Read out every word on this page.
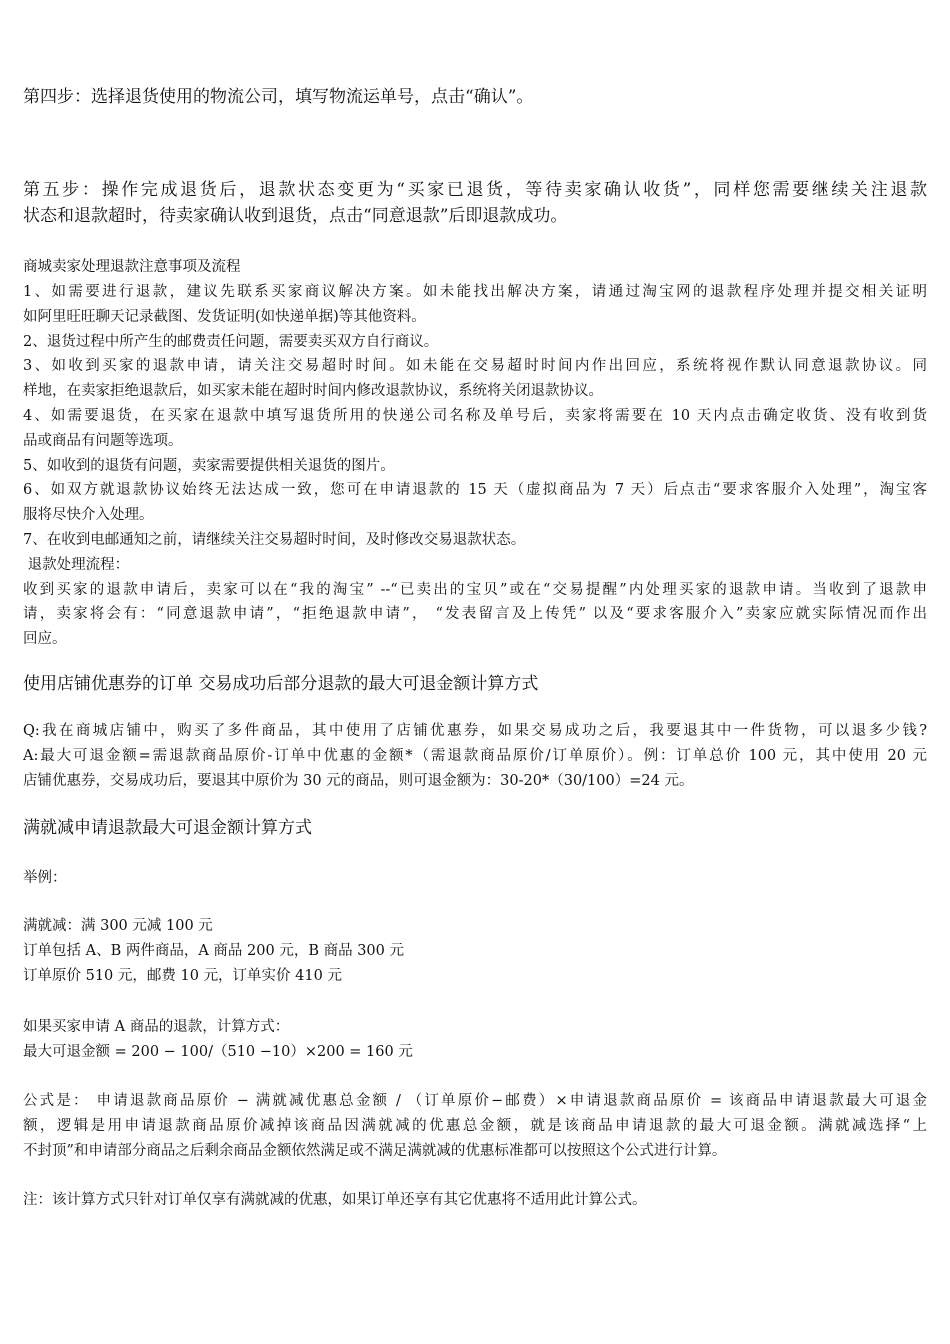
第四步：选择退货使用的物流公司，填写物流运单号，点击“确认”。

第五步：操作完成退货后，退款状态变更为“买家已退货，等待卖家确认收货”，同样您需要继续关注退款
状态和退款超时，待卖家确认收到退货，点击“同意退款”后即退款成功。

商城卖家处理退款注意事项及流程

1、如需要进行退款，建议先联系买家商议解决方案。如未能找出解决方案，请通过淘宝网的退款程序处理并提交相关证明
如阿里旺旺聊天记录截图、发货证明(如快递单据)等其他资料。
2、退货过程中所产生的邮费责任问题，需要卖买双方自行商议。
3、如收到买家的退款申请，请关注交易超时时间。如未能在交易超时时间内作出回应，系统将视作默认同意退款协议。同
样地，在卖家拒绝退款后，如买家未能在超时时间内修改退款协议，系统将关闭退款协议。
4、如需要退货，在买家在退款中填写退货所用的快递公司名称及单号后，卖家将需要在 10 天内点击确定收货、没有收到货
品或商品有问题等选项。
5、如收到的退货有问题，卖家需要提供相关退货的图片。
6、如双方就退款协议始终无法达成一致，您可在申请退款的 15 天（虚拟商品为 7 天）后点击“要求客服介入处理”，淘宝客
服将尽快介入处理。
7、在收到电邮通知之前，请继续关注交易超时时间，及时修改交易退款状态。
退款处理流程：
收到买家的退款申请后，卖家可以在“我的淘宝” --“已卖出的宝贝”或在“交易提醒”内处理买家的退款申请。当收到了退款申
请，卖家将会有：“同意退款申请”，“拒绝退款申请”， “发表留言及上传凭” 以及“要求客服介入”卖家应就实际情况而作出
回应。

使用店铺优惠券的订单 交易成功后部分退款的最大可退金额计算方式

Q:我在商城店铺中，购买了多件商品，其中使用了店铺优惠券，如果交易成功之后，我要退其中一件货物，可以退多少钱?
A:最大可退金额=需退款商品原价-订单中优惠的金额*（需退款商品原价/订单原价）。例：订单总价 100 元，其中使用 20 元
店铺优惠券，交易成功后，要退其中原价为 30 元的商品，则可退金额为：30-20*（30/100）=24 元。

满就减申请退款最大可退金额计算方式

举例：

满就减：满 300 元减 100 元
订单包括 A、B 两件商品，A 商品 200 元，B 商品 300 元
订单原价 510 元，邮费 10 元，订单实价 410 元
如果买家申请 A 商品的退款，计算方式：
最大可退金额 = 200 − 100/（510 −10）×200 = 160 元
公式是： 申请退款商品原价 − 满就减优惠总金额 / （订单原价−邮费）×申请退款商品原价 = 该商品申请退款最大可退金
额，逻辑是用申请退款商品原价减掉该商品因满就减的优惠总金额，就是该商品申请退款的最大可退金额。满就减选择“上
不封顶”和申请部分商品之后剩余商品金额依然满足或不满足满就减的优惠标准都可以按照这个公式进行计算。

注：该计算方式只针对订单仅享有满就减的优惠，如果订单还享有其它优惠将不适用此计算公式。
